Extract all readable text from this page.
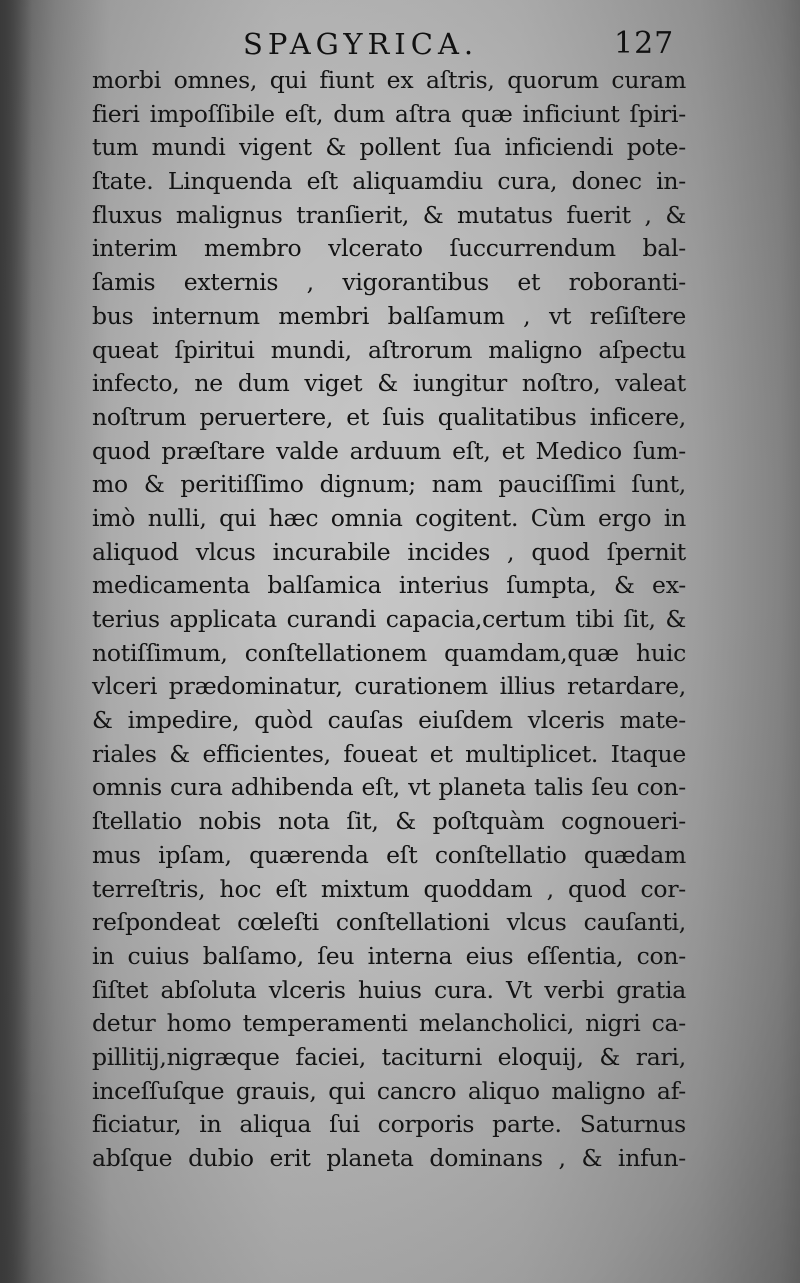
SPAGYRICA.	127
morbi omnes, qui fiunt ex aſtris, quorum curam
fieri impoſſibile eſt, dum aſtra quæ inficiunt ſpiri-
tum mundi vigent & pollent ſua inficiendi pote-
ſtate. Linquenda eſt aliquamdiu cura, donec in-
fluxus malignus tranſierit, & mutatus fuerit , &
interim membro vlcerato ſuccurrendum bal-
ſamis externis , vigorantibus et roboranti-
bus internum membri balſamum , vt reſiſtere
queat ſpiritui mundi, aſtrorum maligno aſpectu
infecto, ne dum viget & iungitur noſtro, valeat
noſtrum peruertere, et ſuis qualitatibus inficere,
quod præſtare valde arduum eſt, et Medico ſum-
mo & peritiſſimo dignum; nam pauciſſimi ſunt,
imò nulli, qui hæc omnia cogitent. Cùm ergo in
aliquod vlcus incurabile incides , quod ſpernit
medicamenta balſamica interius ſumpta, & ex-
terius applicata curandi capacia,certum tibi ſit, &
notiſſimum, conſtellationem quamdam,quæ huic
vlceri prædominatur, curationem illius retardare,
& impedire, quòd cauſas eiuſdem vlceris mate-
riales & efficientes, foueat et multiplicet. Itaque
omnis cura adhibenda eſt, vt planeta talis ſeu con-
ſtellatio nobis nota ſit, & poſtquàm cognoueri-
mus ipſam, quærenda eſt conſtellatio quædam
terreſtris, hoc eſt mixtum quoddam , quod cor-
reſpondeat cœleſti conſtellationi vlcus cauſanti,
in cuius balſamo, ſeu interna eius eſſentia, con-
ſiſtet abſoluta vlceris huius cura. Vt verbi gratia
detur homo temperamenti melancholici, nigri ca-
pillitij,nigræque faciei, taciturni eloquij, & rari,
inceſſuſque grauis, qui cancro aliquo maligno af-
ficiatur, in aliqua ſui corporis parte. Saturnus
abſque dubio erit planeta dominans , & infun-
